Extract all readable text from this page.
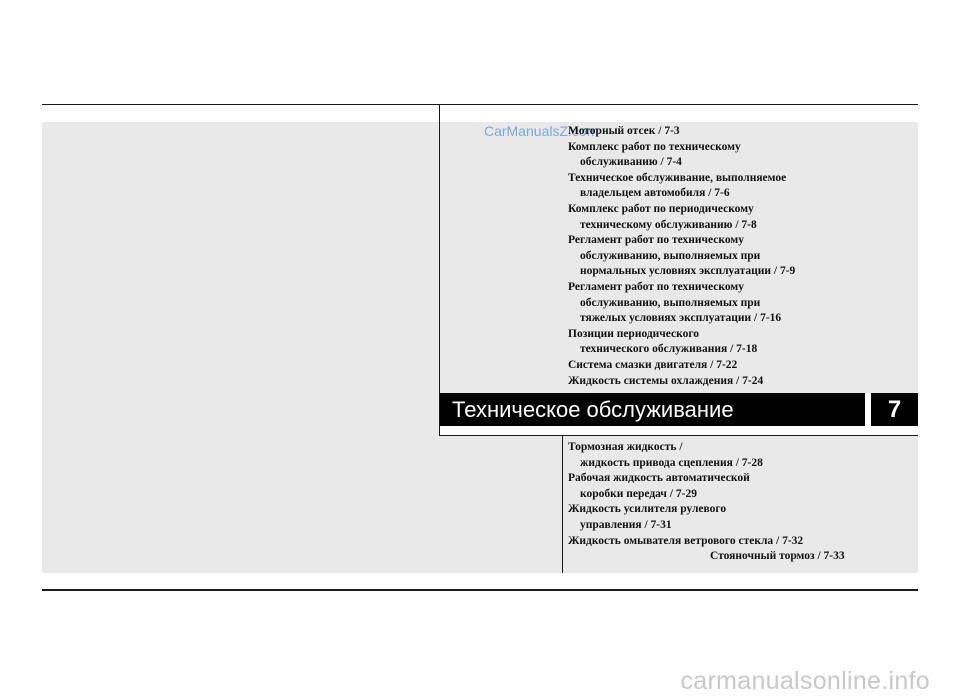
CarManualsZ.com
Моторный отсек / 7-3
Комплекс работ по техническому
обслуживанию / 7-4
Техническое обслуживание, выполняемое
владельцем автомобиля / 7-6
Комплекс работ по периодическому
техническому обслуживанию / 7-8
Регламент работ по техническому
обслуживанию, выполняемых при
нормальных условиях эксплуатации / 7-9
Регламент работ по техническому
обслуживанию, выполняемых при
тяжелых условиях эксплуатации / 7-16
Позиции периодического
технического обслуживания / 7-18
Система смазки двигателя / 7-22
Жидкость системы охлаждения / 7-24
Техническое обслуживание	7
Тормозная жидкость /
жидкость привода сцепления / 7-28
Рабочая жидкость автоматической
коробки передач / 7-29
Жидкость усилителя рулевого
управления / 7-31
Жидкость омывателя ветрового стекла / 7-32
Стояночный тормоз / 7-33
carmanualsonline.info
